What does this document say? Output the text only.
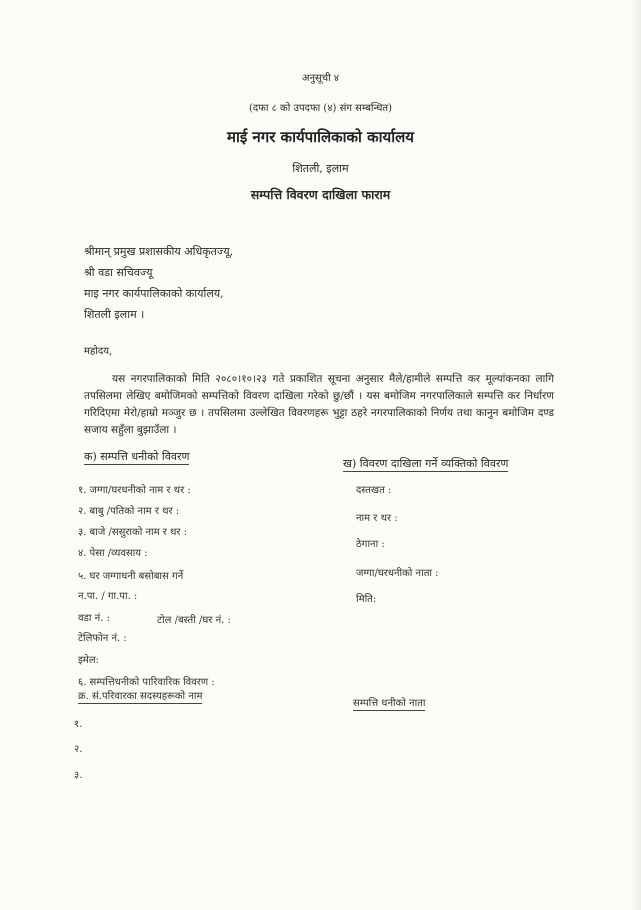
अनुसूची ४
(दफा ८ को उपदफा (४) संग सम्बन्धित)
माई नगर कार्यपालिकाको कार्यालय
शितली, इलाम
सम्पत्ति विवरण दाखिला फाराम
श्रीमान् प्रमुख प्रशासकीय अधिकृतज्यू,
श्री वडा सचिवज्यू
माइ नगर कार्यपालिकाको कार्यालय,
शितली इलाम ।
महोदय,
यस नगरपालिकाको मिति २०८०।१०।२३ गते प्रकाशित सूचना अनुसार मैले/हामीले सम्पत्ति कर मूल्यांकनका लागि तपसिलमा लेखिए बमोजिमको सम्पत्तिको विवरण दाखिला गरेको छु/छौं । यस बमोजिम नगरपालिकाले सम्पत्ति कर निर्धारण गरिदिएमा मेरो/हाम्रो मञ्जुर छ । तपसिलमा उल्लेखित विवरणहरू भुट्टा ठहरे नगरपालिकाको निर्णय तथा कानुन बमोजिम दण्ड सजाय सहुँला बुझाउँला ।
क) सम्पत्ति धनीको विवरण
ख) विवरण दाखिला गर्ने व्यक्तिको विवरण
१. जग्गा/घरधनीको नाम र थर :
२. बाबु /पतिको नाम र थर :
३. बाजे /ससुराको नाम र थर :
४. पेसा /व्यवसाय :
५. घर जग्गाधनी बसोबास गर्ने
न.पा. / गा.पा. :
वडा नं. :	टोल /बस्ती /घर नं. :
टेलिफोन नं. :
इमेल:
दस्तखत :
नाम र थर :
ठेगाना :
जग्गा/घरधनीको नाता :
मिति:
६. सम्पत्तिधनीको पारिवारिक विवरण :
क्र. सं.परिवारका सदस्यहरूको नाम
सम्पत्ति धनीको नाता
१.
२.
३.
